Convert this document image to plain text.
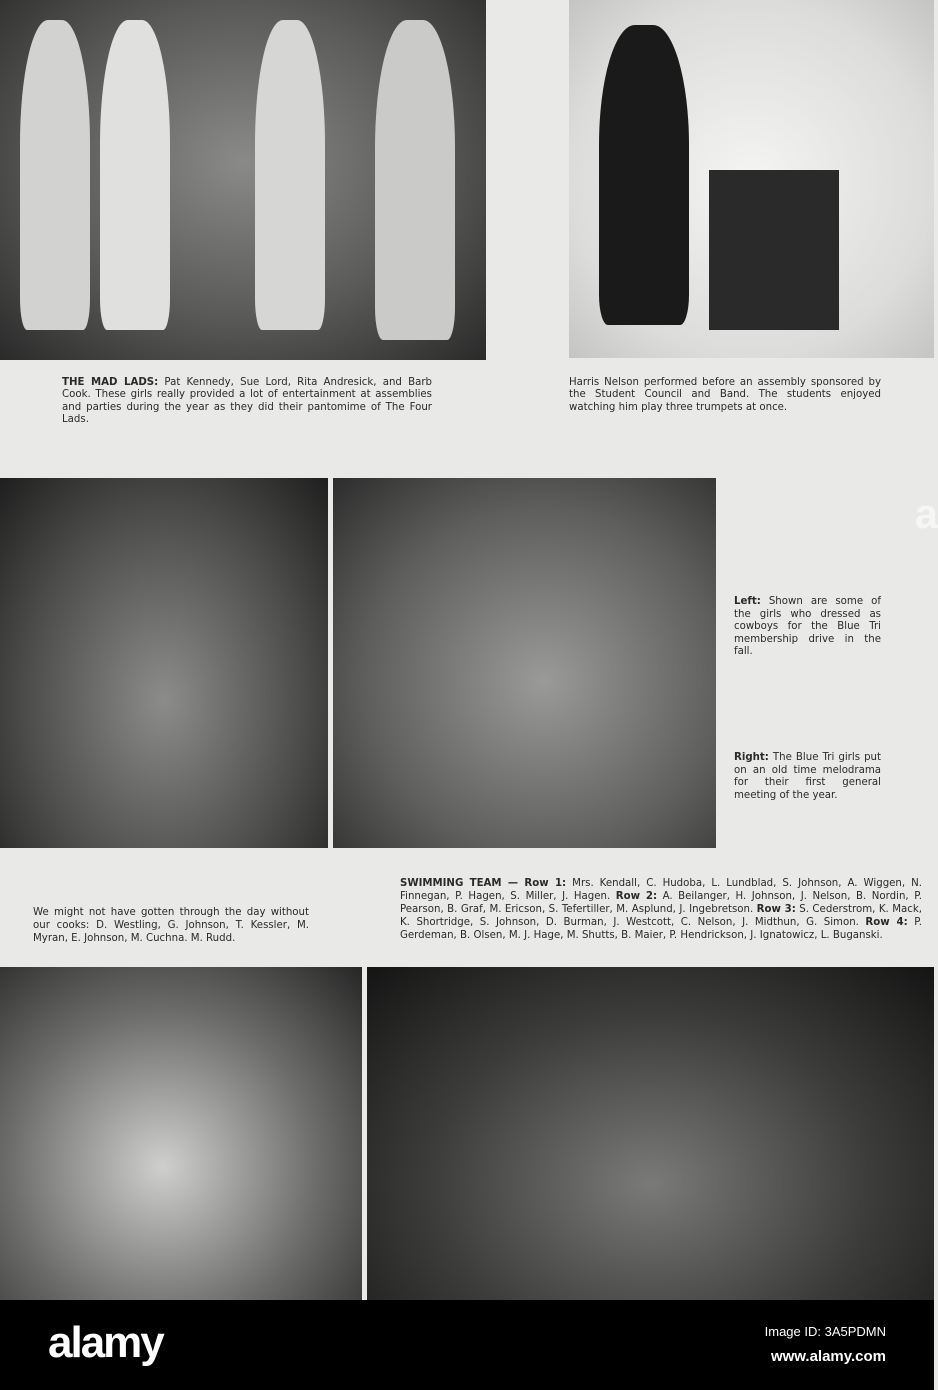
a
THE MAD LADS: Pat Kennedy, Sue Lord, Rita Andresick, and Barb Cook. These girls really provided a lot of entertainment at assemblies and parties during the year as they did their pantomime of The Four Lads.
Harris Nelson performed before an assembly sponsored by the Student Council and Band. The students enjoyed watching him play three trumpets at once.
Left: Shown are some of the girls who dressed as cowboys for the Blue Tri membership drive in the fall.
Right: The Blue Tri girls put on an old time melodrama for their first general meeting of the year.
We might not have gotten through the day without our cooks: D. Westling, G. Johnson, T. Kessler, M. Myran, E. Johnson, M. Cuchna. M. Rudd.
SWIMMING TEAM — Row 1: Mrs. Kendall, C. Hudoba, L. Lundblad, S. Johnson, A. Wiggen, N. Finnegan, P. Hagen, S. Miller, J. Hagen. Row 2: A. Beilanger, H. Johnson, J. Nelson, B. Nordin, P. Pearson, B. Graf, M. Ericson, S. Tefertiller, M. Asplund, J. Ingebretson. Row 3: S. Cederstrom, K. Mack, K. Shortridge, S. Johnson, D. Burman, J. Westcott, C. Nelson, J. Midthun, G. Simon. Row 4: P. Gerdeman, B. Olsen, M. J. Hage, M. Shutts, B. Maier, P. Hendrickson, J. Ignatowicz, L. Buganski.
alamy	Image ID: 3A5PDMN
www.alamy.com
